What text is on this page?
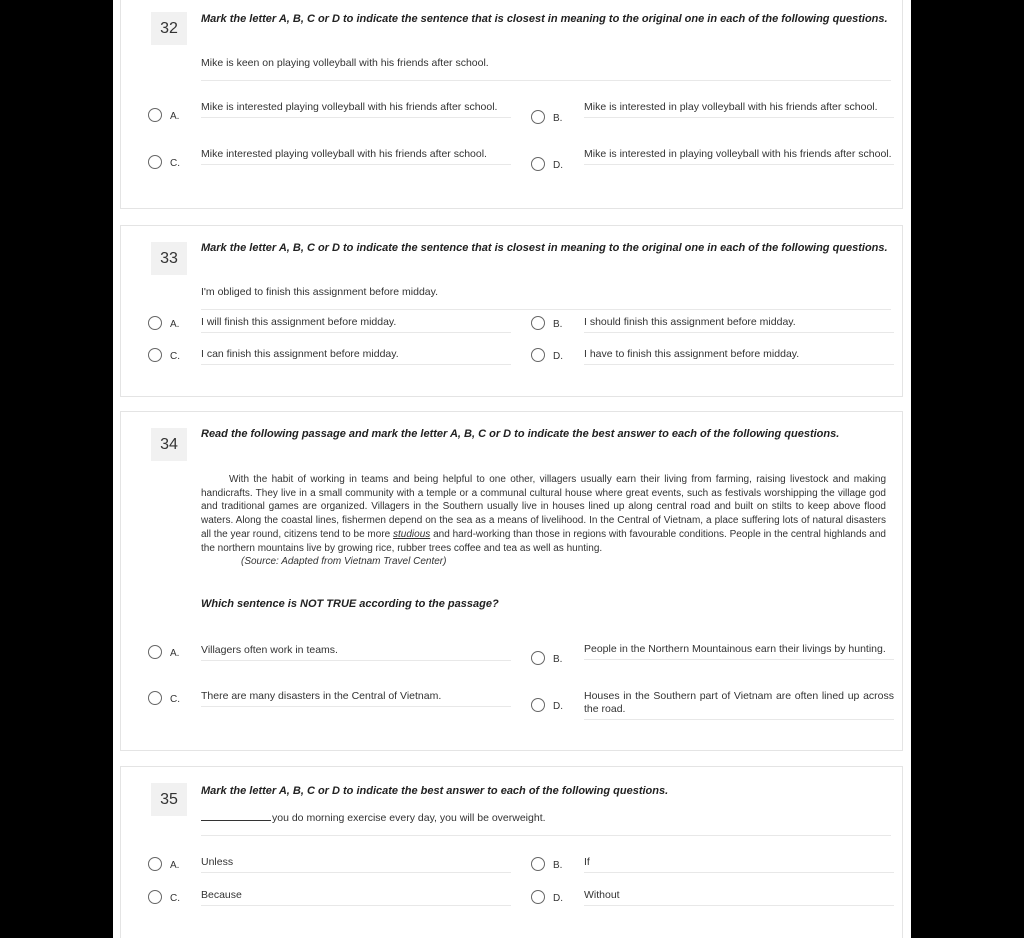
32
Mark the letter A, B, C or D to indicate the sentence that is closest in meaning to the original one in each of the following questions.
Mike is keen on playing volleyball with his friends after school.
A.
Mike is interested playing volleyball with his friends after school.
B.
Mike is interested in play volleyball with his friends after school.
C.
Mike interested playing volleyball with his friends after school.
D.
Mike is interested in playing volleyball with his friends after school.
33
Mark the letter A, B, C or D to indicate the sentence that is closest in meaning to the original one in each of the following questions.
I'm obliged to finish this assignment before midday.
A. I will finish this assignment before midday.	B. I should finish this assignment before midday.
C. I can finish this assignment before midday.	D. I have to finish this assignment before midday.
34
Read the following passage and mark the letter A, B, C or D to indicate the best answer to each of the following questions.
With the habit of working in teams and being helpful to one other, villagers usually earn their living from farming, raising livestock and making handicrafts. They live in a small community with a temple or a communal cultural house where great events, such as festivals worshipping the village god and traditional games are organized. Villagers in the Southern usually live in houses lined up along central road and built on stilts to keep above flood waters. Along the coastal lines, fishermen depend on the sea as a means of livelihood. In the Central of Vietnam, a place suffering lots of natural disasters all the year round, citizens tend to be more studious and hard-working than those in regions with favourable conditions. People in the central highlands and the northern mountains live by growing rice, rubber trees coffee and tea as well as hunting.
(Source: Adapted from Vietnam Travel Center)
Which sentence is NOT TRUE according to the passage?
A. Villagers often work in teams.
B.
People in the Northern Mountainous earn their livings by hunting.
C. There are many disasters in the Central of Vietnam.
D.
Houses in the Southern part of Vietnam are often lined up across the road.
35	Mark the letter A, B, C or D to indicate the best answer to each of the following questions.
you do morning exercise every day, you will be overweight.
A. Unless	B. If
C. Because	D. Without
